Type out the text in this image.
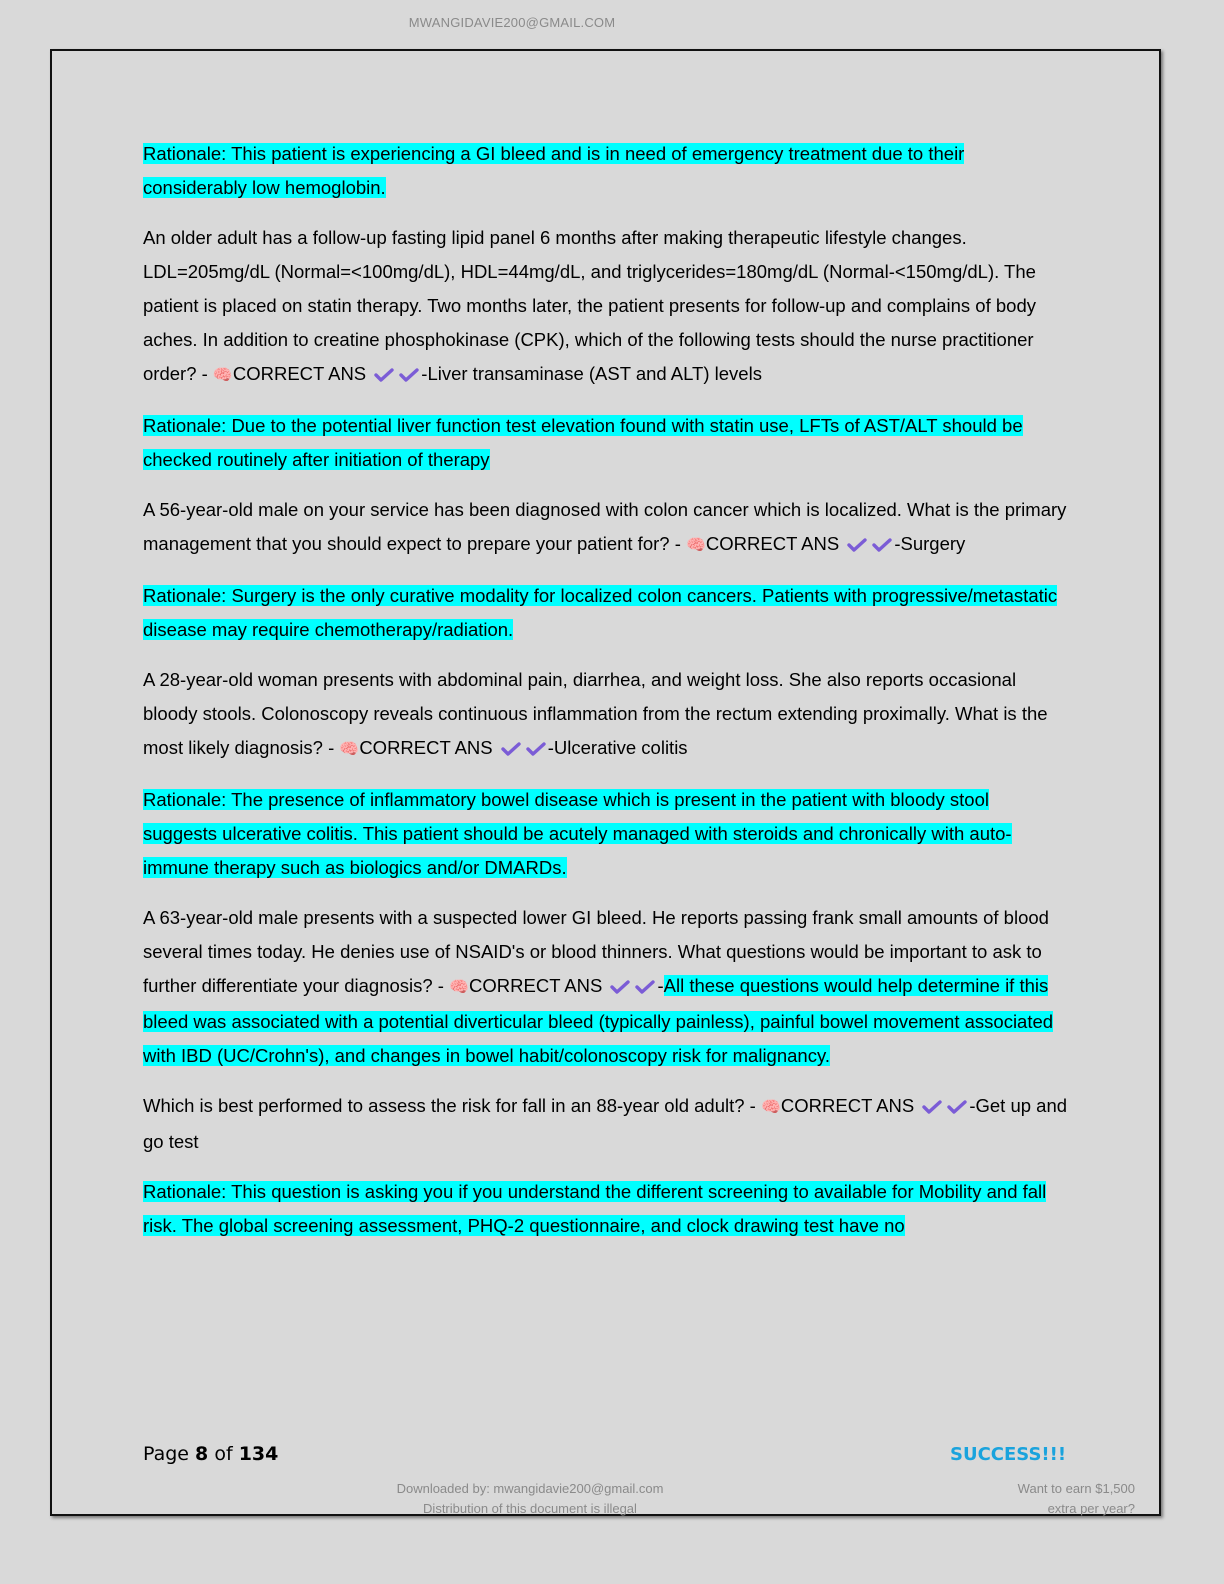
MWANGIDAVIE200@GMAIL.COM

Rationale: This patient is experiencing a GI bleed and is in need of emergency treatment due to their considerably low hemoglobin.

An older adult has a follow-up fasting lipid panel 6 months after making therapeutic lifestyle changes. LDL=205mg/dL (Normal=<100mg/dL), HDL=44mg/dL, and triglycerides=180mg/dL (Normal-<150mg/dL). The patient is placed on statin therapy. Two months later, the patient presents for follow-up and complains of body aches. In addition to creatine phosphokinase (CPK), which of the following tests should the nurse practitioner order? - 🧠CORRECT ANS	-Liver transaminase (AST and ALT) levels

Rationale: Due to the potential liver function test elevation found with statin use, LFTs of AST/ALT should be checked routinely after initiation of therapy

A 56-year-old male on your service has been diagnosed with colon cancer which is localized. What is the primary management that you should expect to prepare your patient for? - 🧠CORRECT ANS	-Surgery

Rationale: Surgery is the only curative modality for localized colon cancers. Patients with progressive/metastatic disease may require chemotherapy/radiation.

A 28-year-old woman presents with abdominal pain, diarrhea, and weight loss. She also reports occasional bloody stools. Colonoscopy reveals continuous inflammation from the rectum extending proximally. What is the most likely diagnosis? - 🧠CORRECT ANS	-Ulcerative colitis

Rationale: The presence of inflammatory bowel disease which is present in the patient with bloody stool suggests ulcerative colitis. This patient should be acutely managed with steroids and chronically with auto-immune therapy such as biologics and/or DMARDs.

A 63-year-old male presents with a suspected lower GI bleed. He reports passing frank small amounts of blood several times today. He denies use of NSAID's or blood thinners. What questions would be important to ask to further differentiate your diagnosis? - 🧠CORRECT ANS	-All these questions would help determine if this bleed was associated with a potential diverticular bleed (typically painless), painful bowel movement associated with IBD (UC/Crohn's), and changes in bowel habit/colonoscopy risk for malignancy.

Which is best performed to assess the risk for fall in an 88-year old adult? - 🧠CORRECT ANS	-Get up and go test

Rationale: This question is asking you if you understand the different screening to available for Mobility and fall risk. The global screening assessment, PHQ-2 questionnaire, and clock drawing test have no

Page 8 of 134	SUCCESS!!!
Downloaded by: mwangidavie200@gmail.com
Distribution of this document is illegal
Want to earn $1,500
extra per year?
